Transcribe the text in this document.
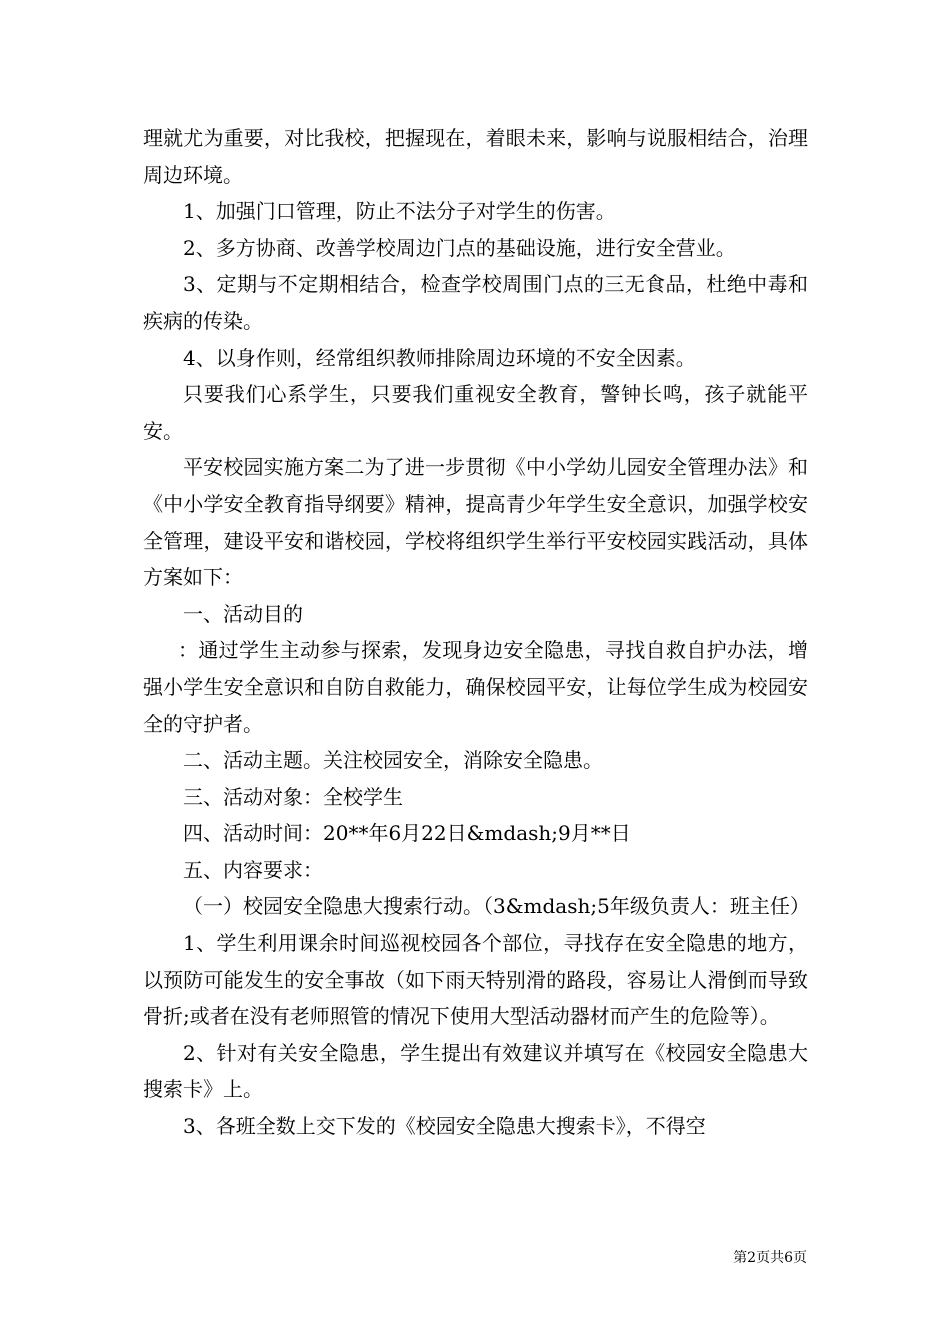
理就尤为重要，对比我校，把握现在，着眼未来，影响与说服相结合，治理周边环境。

1、加强门口管理，防止不法分子对学生的伤害。

2、多方协商、改善学校周边门点的基础设施，进行安全营业。

3、定期与不定期相结合，检查学校周围门点的三无食品，杜绝中毒和疾病的传染。

4、以身作则，经常组织教师排除周边环境的不安全因素。

只要我们心系学生，只要我们重视安全教育，警钟长鸣，孩子就能平安。

平安校园实施方案二为了进一步贯彻《中小学幼儿园安全管理办法》和《中小学安全教育指导纲要》精神，提高青少年学生安全意识，加强学校安全管理，建设平安和谐校园，学校将组织学生举行平安校园实践活动，具体方案如下：

一、活动目的

：通过学生主动参与探索，发现身边安全隐患，寻找自救自护办法，增强小学生安全意识和自防自救能力，确保校园平安，让每位学生成为校园安全的守护者。

二、活动主题。关注校园安全，消除安全隐患。

三、活动对象：全校学生

四、活动时间：20**年6月22日&mdash;9月**日

五、内容要求：

（一）校园安全隐患大搜索行动。（3&mdash;5年级负责人：班主任）

1、学生利用课余时间巡视校园各个部位，寻找存在安全隐患的地方，以预防可能发生的安全事故（如下雨天特别滑的路段，容易让人滑倒而导致骨折;或者在没有老师照管的情况下使用大型活动器材而产生的危险等）。

2、针对有关安全隐患，学生提出有效建议并填写在《校园安全隐患大搜索卡》上。

3、各班全数上交下发的《校园安全隐患大搜索卡》，不得空

第2页共6页
